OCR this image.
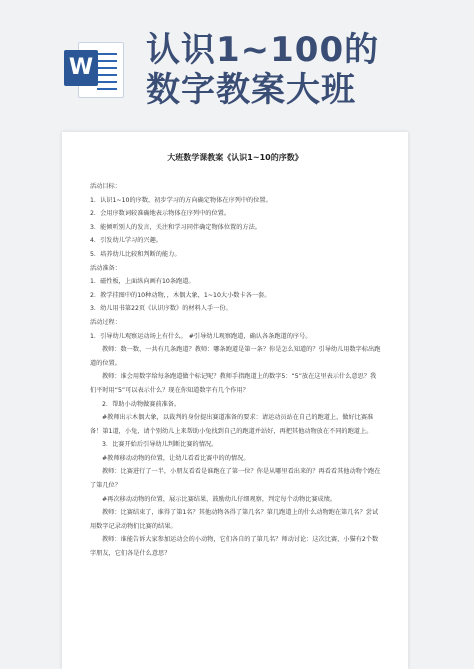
W 认识1~100的
数字教案大班
大班数学课教案《认识1~10的序数》

活动目标：

1．认识1~10的序数，初步学习的方向确定物体在序列中的位置。

2．会用序数词较准确地表示物体在序列中的位置。

3．能倾听别人的发言，关注和学习同伴确定物体位置的方法。

4．引发幼儿学习的兴趣。

5．培养幼儿比较和判断的能力。

活动准备：

1．磁性板，上面纵向画有10条跑道。

2．教学挂图中的10种动物，，木偶大象，1~10大小数卡各一套。

3．幼儿用书第22页《认识序数》的材料人手一份。

活动过程：

1．引导幼儿观察运动场上有什么。 #引导幼儿观察跑道，确认各条跑道的序号。

教师：数一数，一共有几条跑道？教师：哪条跑道是第一条？你是怎么知道的？引导幼儿用数字标出跑道的位置。

教师：谁会用数字给每条跑道做个标记呢？教师手指跑道上的数字5：“5”放在这里表示什么意思？我们平时用“5”可以表示什么？现在你知道数字有几个作用？

2．帮助小动物做赛前准备。

#教师出示木偶大象，以裁判的身份提出赛道准备的要求：请运动员站在自己的跑道上，做好比赛准备！第1道，小兔，请个别幼儿上来帮助小兔找到自己的跑道并站好，再把其他动物放在不同的跑道上。

3．比赛开始后引导幼儿判断比赛的情况。

#教师移动动物的位置，让幼儿看看比赛中的的情况。

教师：比赛进行了一半，小朋友看看是谁跑在了第一位？你是从哪里看出来的？再看看其他动物个跑在了第几位？

#再次移动动物的位置，展示比赛结果，鼓励幼儿仔细观察，判定每个动物比赛成绩。

教师：比赛结束了，谁得了第1名？其他动物各得了第几名？第几跑道上的什么动物跑在第几名？尝试用数字记录动物们比赛的结果。

教师：谁能告诉大家参加运动会的小动物，它们各自的了第几名？师动讨论：这次比赛，小猫有2个数字朋友，它们各是什么意思？
